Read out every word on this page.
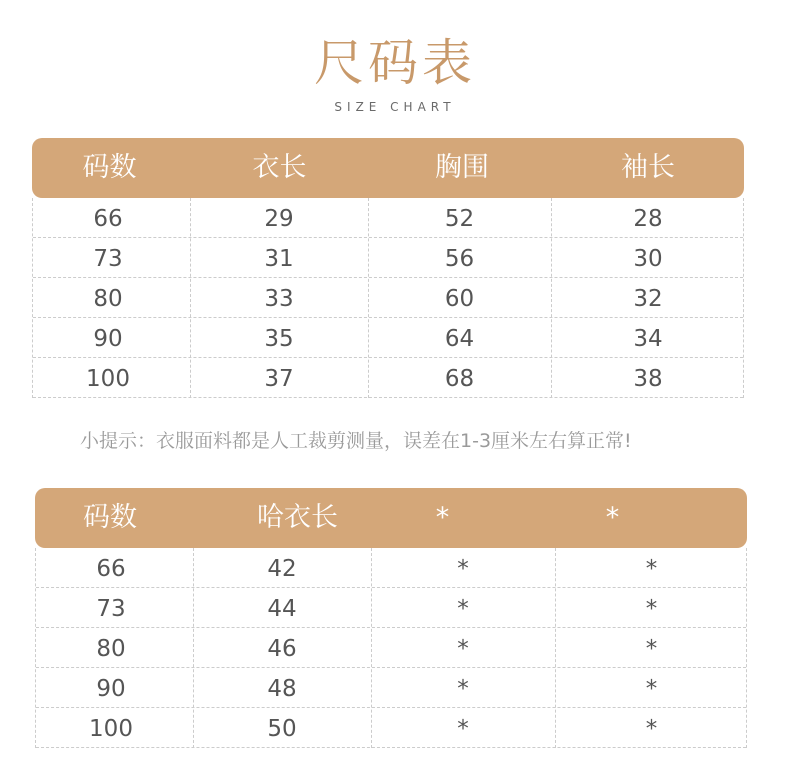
尺码表
SIZE CHART
码数	衣长	胸围	袖长
66	29	52	28
73	31	56	30
80	33	60	32
90	35	64	34
100	37	68	38
小提示：衣服面料都是人工裁剪测量，误差在1-3厘米左右算正常!
码数	哈衣长	*	*
66	42	*	*
73	44	*	*
80	46	*	*
90	48	*	*
100	50	*	*
